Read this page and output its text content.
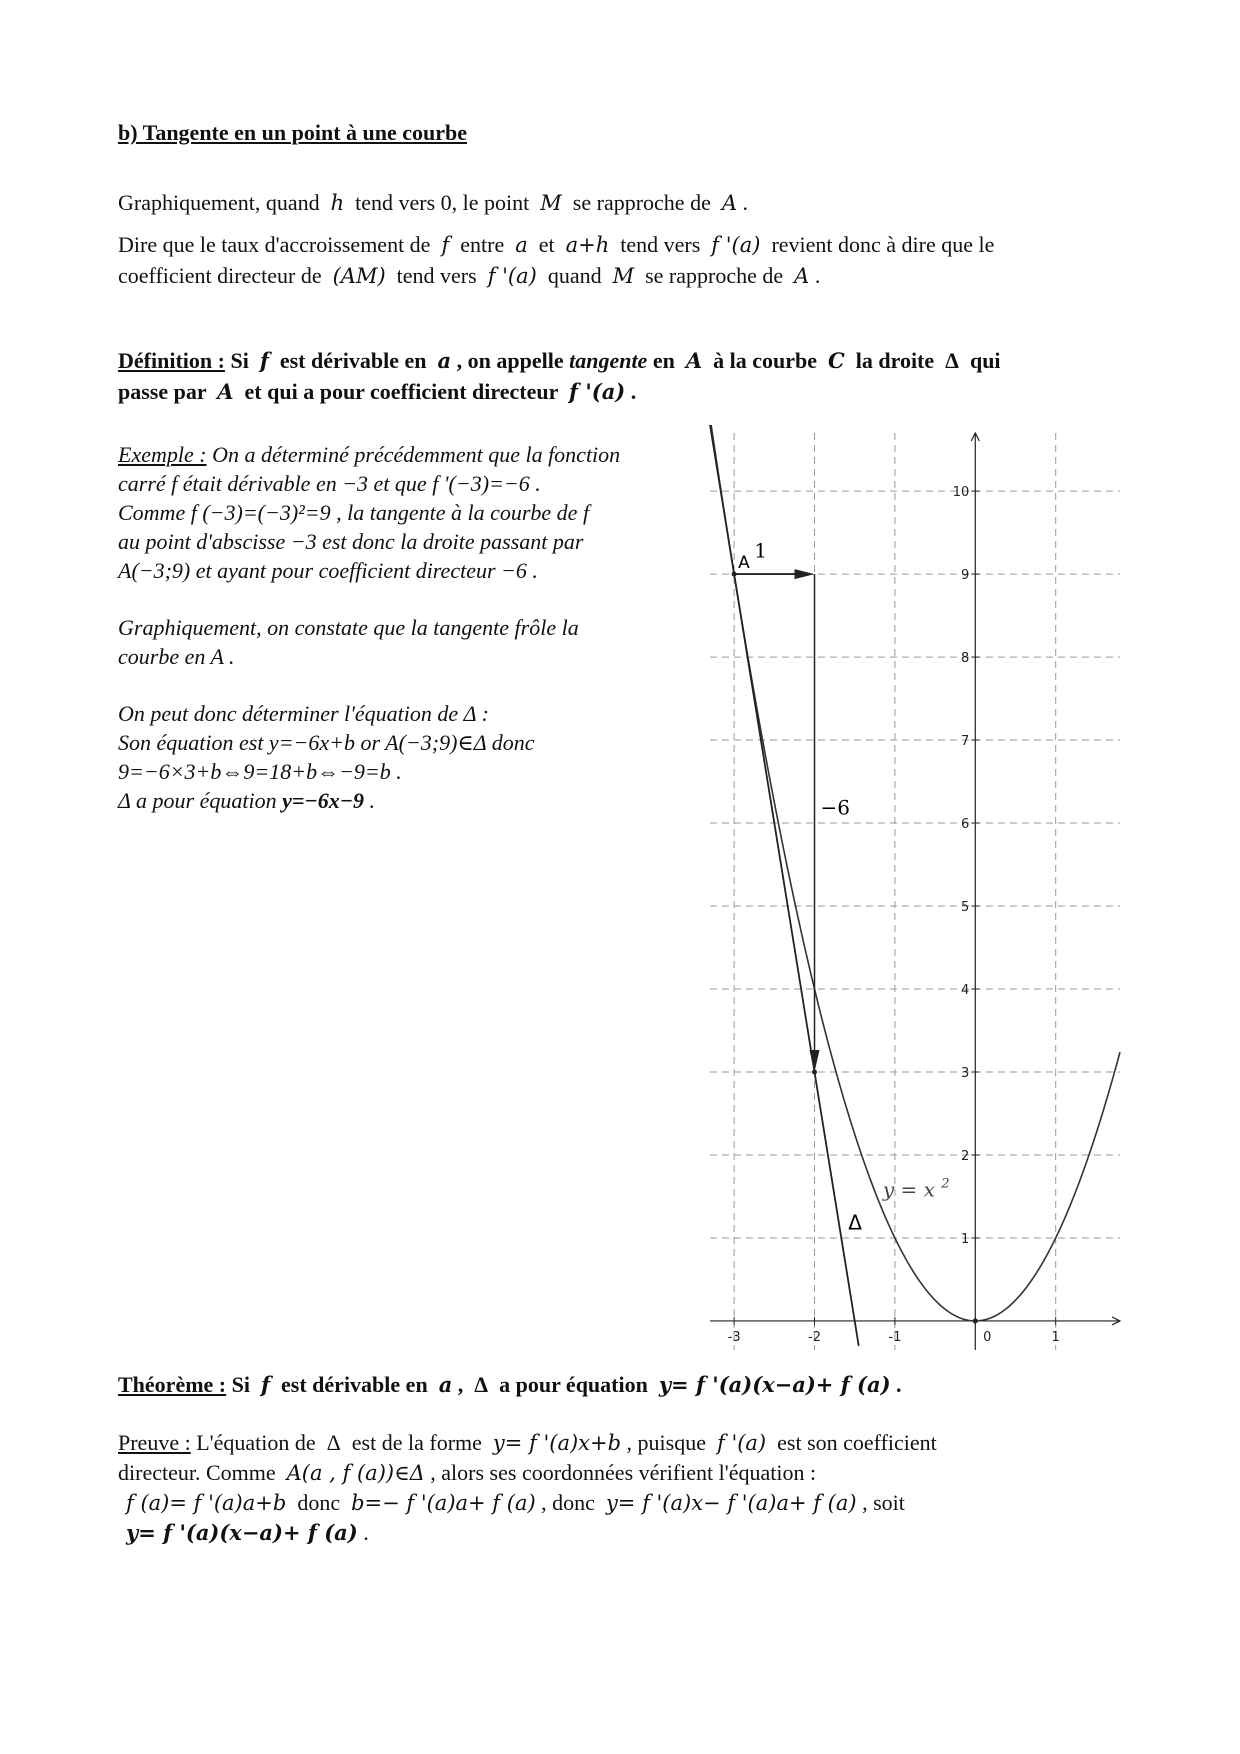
b) Tangente en un point à une courbe
Graphiquement, quand h tend vers 0, le point M se rapproche de A .
Dire que le taux d'accroissement de f entre a et a+h tend vers f '(a) revient donc à dire que le
coefficient directeur de (AM) tend vers f '(a) quand M se rapproche de A .
Définition : Si f est dérivable en a , on appelle tangente en A à la courbe C la droite Δ qui
passe par A et qui a pour coefficient directeur f '(a) .
Exemple : On a déterminé précédemment que la fonction
carré f était dérivable en −3 et que f '(−3)=−6 .
Comme f (−3)=(−3)²=9 , la tangente à la courbe de f
au point d'abscisse −3 est donc la droite passant par
A(−3;9) et ayant pour coefficient directeur −6 .
Graphiquement, on constate que la tangente frôle la
courbe en A .
On peut donc déterminer l'équation de Δ :
Son équation est y=−6x+b or A(−3;9)∈Δ donc
9=−6×3+b⇔9=18+b⇔−9=b .
Δ a pour équation y=−6x−9 .
-3	-2	-1	0	1
1
2
3
4
5
6
7
8
9
10
A
1
−6
y = x $^2$
Δ
Théorème : Si f est dérivable en a , Δ a pour équation y= f '(a)(x−a)+ f (a) .
Preuve : L'équation de Δ est de la forme y= f '(a)x+b , puisque f '(a) est son coefficient
directeur. Comme A(a , f (a))∈Δ , alors ses coordonnées vérifient l'équation :
f (a)= f '(a)a+b donc b=− f '(a)a+ f (a) , donc y= f '(a)x− f '(a)a+ f (a) , soit
y= f '(a)(x−a)+ f (a) .
